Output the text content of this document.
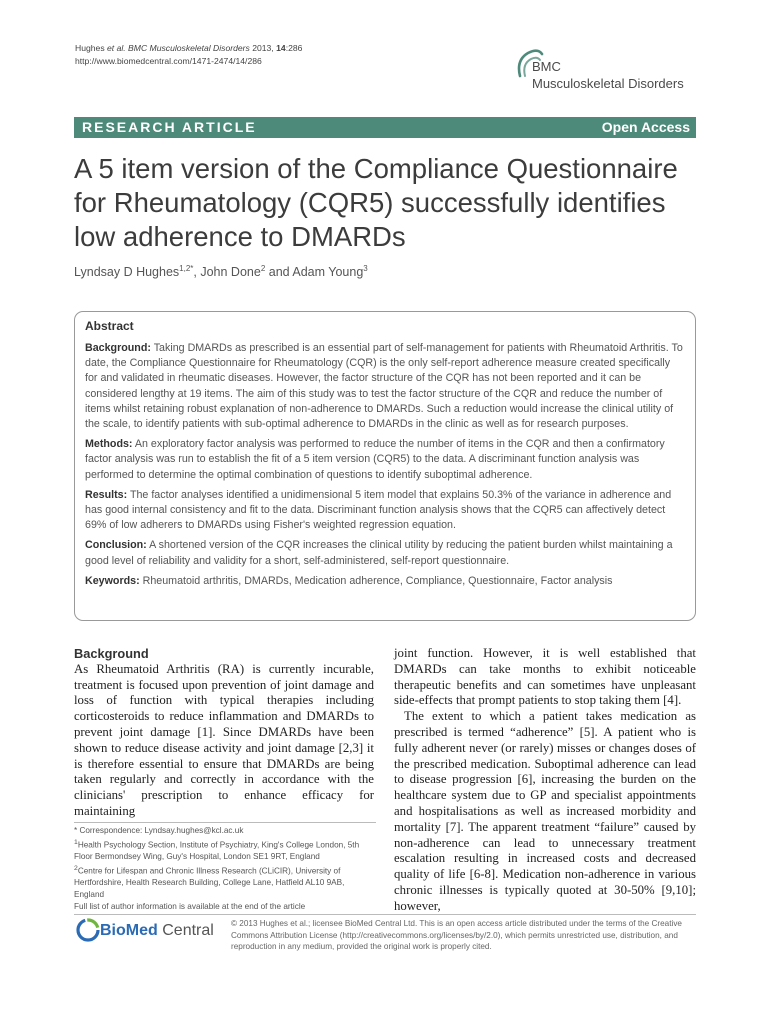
Hughes et al. BMC Musculoskeletal Disorders 2013, 14:286
http://www.biomedcentral.com/1471-2474/14/286	BMC
Musculoskeletal Disorders
RESEARCH ARTICLE	Open Access
A 5 item version of the Compliance Questionnaire for Rheumatology (CQR5) successfully identifies low adherence to DMARDs
Lyndsay D Hughes$^{1,2*}$, John Done$^2$ and Adam Young$^3$
Abstract

Background: Taking DMARDs as prescribed is an essential part of self-management for patients with Rheumatoid Arthritis. To date, the Compliance Questionnaire for Rheumatology (CQR) is the only self-report adherence measure created specifically for and validated in rheumatic diseases. However, the factor structure of the CQR has not been reported and it can be considered lengthy at 19 items. The aim of this study was to test the factor structure of the CQR and reduce the number of items whilst retaining robust explanation of non-adherence to DMARDs. Such a reduction would increase the clinical utility of the scale, to identify patients with sub-optimal adherence to DMARDs in the clinic as well as for research purposes.

Methods: An exploratory factor analysis was performed to reduce the number of items in the CQR and then a confirmatory factor analysis was run to establish the fit of a 5 item version (CQR5) to the data. A discriminant function analysis was performed to determine the optimal combination of questions to identify suboptimal adherence.

Results: The factor analyses identified a unidimensional 5 item model that explains 50.3% of the variance in adherence and has good internal consistency and fit to the data. Discriminant function analysis shows that the CQR5 can affectively detect 69% of low adherers to DMARDs using Fisher's weighted regression equation.

Conclusion: A shortened version of the CQR increases the clinical utility by reducing the patient burden whilst maintaining a good level of reliability and validity for a short, self-administered, self-report questionnaire.

Keywords: Rheumatoid arthritis, DMARDs, Medication adherence, Compliance, Questionnaire, Factor analysis

Background

As Rheumatoid Arthritis (RA) is currently incurable, treatment is focused upon prevention of joint damage and loss of function with typical therapies including corticosteroids to reduce inflammation and DMARDs to prevent joint damage [1]. Since DMARDs have been shown to reduce disease activity and joint damage [2,3] it is therefore essential to ensure that DMARDs are being taken regularly and correctly in accordance with the clinicians' prescription to enhance efficacy for maintaining

joint function. However, it is well established that DMARDs can take months to exhibit noticeable therapeutic benefits and can sometimes have unpleasant side-effects that prompt patients to stop taking them [4].

The extent to which a patient takes medication as prescribed is termed “adherence” [5]. A patient who is fully adherent never (or rarely) misses or changes doses of the prescribed medication. Suboptimal adherence can lead to disease progression [6], increasing the burden on the healthcare system due to GP and specialist appointments and hospitalisations as well as increased morbidity and mortality [7]. The apparent treatment “failure” caused by non-adherence can lead to unnecessary treatment escalation resulting in increased costs and decreased quality of life [6-8]. Medication non-adherence in various chronic illnesses is typically quoted at 30-50% [9,10]; however,

* Correspondence: Lyndsay.hughes@kcl.ac.uk

$^1$Health Psychology Section, Institute of Psychiatry, King's College London, 5th Floor Bermondsey Wing, Guy's Hospital, London SE1 9RT, England

$^2$Centre for Lifespan and Chronic Illness Research (CLiCIR), University of Hertfordshire, Health Research Building, College Lane, Hatfield AL10 9AB, England

Full list of author information is available at the end of the article

BioMed Central © 2013 Hughes et al.; licensee BioMed Central Ltd. This is an open access article distributed under the terms of the Creative Commons Attribution License (http://creativecommons.org/licenses/by/2.0), which permits unrestricted use, distribution, and reproduction in any medium, provided the original work is properly cited.
